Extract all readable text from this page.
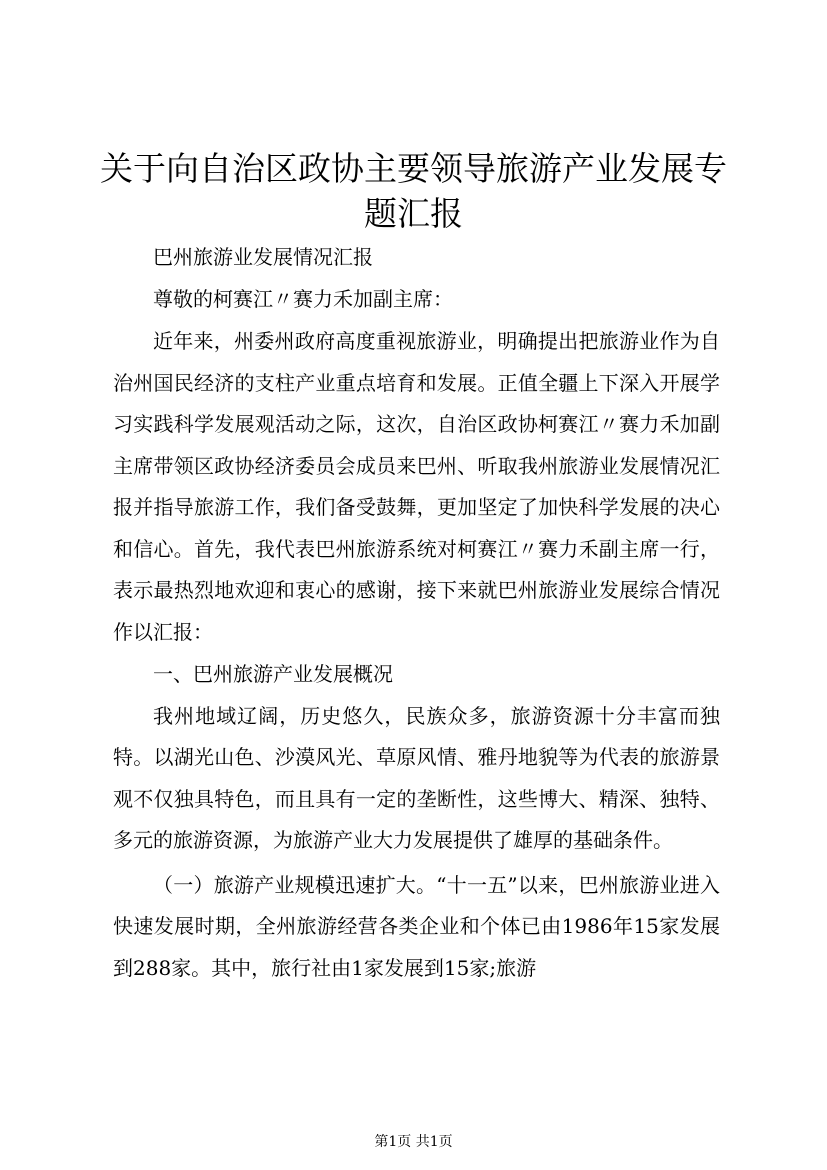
关于向自治区政协主要领导旅游产业发展专题汇报

巴州旅游业发展情况汇报

尊敬的柯赛江〃赛力禾加副主席：

近年来，州委州政府高度重视旅游业，明确提出把旅游业作为自治州国民经济的支柱产业重点培育和发展。正值全疆上下深入开展学习实践科学发展观活动之际，这次，自治区政协柯赛江〃赛力禾加副主席带领区政协经济委员会成员来巴州、听取我州旅游业发展情况汇报并指导旅游工作，我们备受鼓舞，更加坚定了加快科学发展的决心和信心。首先，我代表巴州旅游系统对柯赛江〃赛力禾副主席一行，表示最热烈地欢迎和衷心的感谢，接下来就巴州旅游业发展综合情况作以汇报：

一、巴州旅游产业发展概况

我州地域辽阔，历史悠久，民族众多，旅游资源十分丰富而独特。以湖光山色、沙漠风光、草原风情、雅丹地貌等为代表的旅游景观不仅独具特色，而且具有一定的垄断性，这些博大、精深、独特、多元的旅游资源，为旅游产业大力发展提供了雄厚的基础条件。

（一）旅游产业规模迅速扩大。“十一五”以来，巴州旅游业进入快速发展时期，全州旅游经营各类企业和个体已由1986年15家发展到288家。其中，旅行社由1家发展到15家;旅游

第1页 共1页
